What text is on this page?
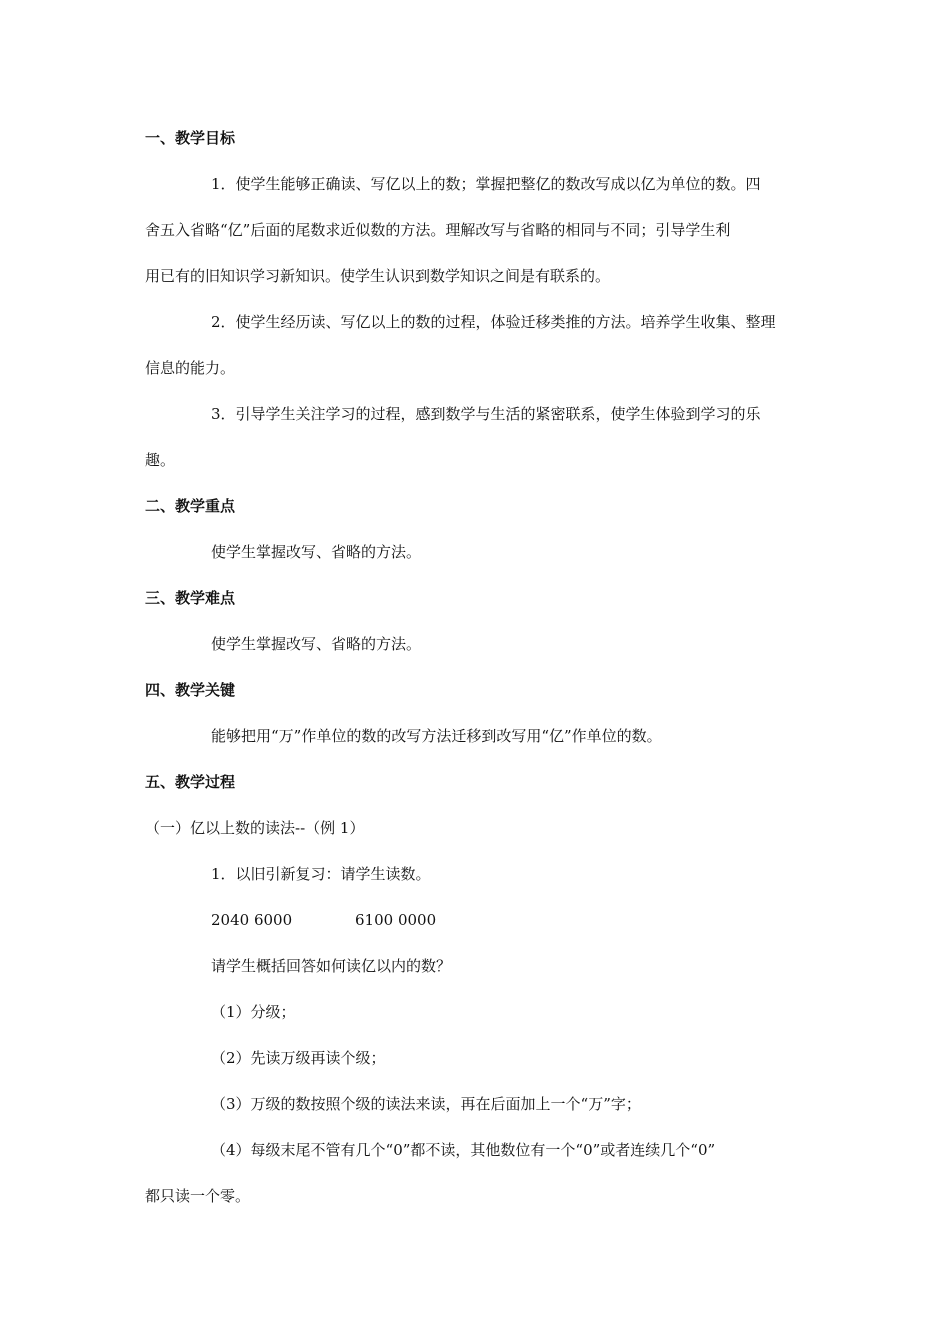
一、教学目标
1．使学生能够正确读、写亿以上的数；掌握把整亿的数改写成以亿为单位的数。四
舍五入省略“亿”后面的尾数求近似数的方法。理解改写与省略的相同与不同；引导学生利
用已有的旧知识学习新知识。使学生认识到数学知识之间是有联系的。
2．使学生经历读、写亿以上的数的过程，体验迁移类推的方法。培养学生收集、整理
信息的能力。
3．引导学生关注学习的过程，感到数学与生活的紧密联系，使学生体验到学习的乐
趣。
二、教学重点
使学生掌握改写、省略的方法。
三、教学难点
使学生掌握改写、省略的方法。
四、教学关键
能够把用“万”作单位的数的改写方法迁移到改写用“亿”作单位的数。
五、教学过程
（一）亿以上数的读法--（例 1）
1．以旧引新复习：请学生读数。
2040 6000	6100 0000
请学生概括回答如何读亿以内的数？
（1）分级；
（2）先读万级再读个级；
（3）万级的数按照个级的读法来读，再在后面加上一个“万”字；
（4）每级末尾不管有几个“0”都不读，其他数位有一个“0”或者连续几个“0”
都只读一个零。
